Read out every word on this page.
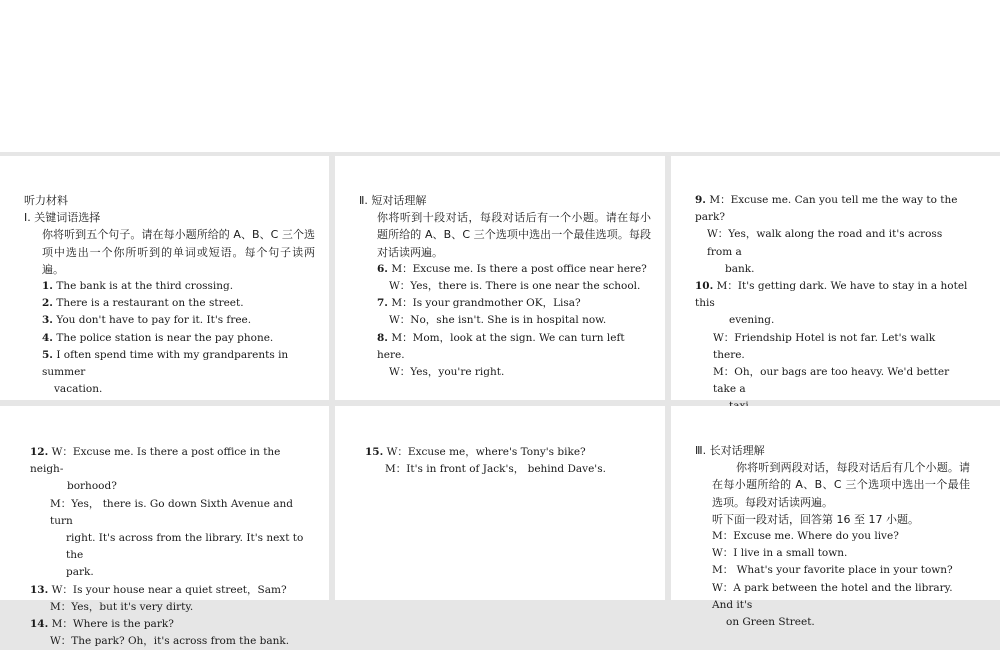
听力材料
Ⅰ. 关键词语选择
你将听到五个句子。请在每小题所给的 A、B、C 三个选项中选出一个你所听到的单词或短语。每个句子读两遍。
1. The bank is at the third crossing.
2. There is a restaurant on the street.
3. You don't have to pay for it. It's free.
4. The police station is near the pay phone.
5. I often spend time with my grandparents in summer
vacation.
Ⅱ. 短对话理解
你将听到十段对话，每段对话后有一个小题。请在每小题所给的 A、B、C 三个选项中选出一个最佳选项。每段对话读两遍。
6. M：Excuse me. Is there a post office near here?
W：Yes，there is. There is one near the school.
7. M：Is your grandmother OK，Lisa?
W：No，she isn't. She is in hospital now.
8. M：Mom，look at the sign. We can turn left here.
W：Yes，you're right.
9. M：Excuse me. Can you tell me the way to the park?
W：Yes，walk along the road and it's across from a
bank.
10. M：It's getting dark. We have to stay in a hotel this
evening.
W：Friendship Hotel is not far. Let's walk there.
M：Oh，our bags are too heavy. We'd better take a
12. W：Excuse me. Is there a post office in the neigh-
borhood?
M：Yes， there is. Go down Sixth Avenue and turn
right. It's across from the library. It's next to the
park.
13. W：Is your house near a quiet street，Sam?
M：Yes，but it's very dirty.
14. M：Where is the park?
W：The park? Oh，it's across from the bank.
15. W：Excuse me，where's Tony's bike?
M：It's in front of Jack's， behind Dave's.
Ⅲ. 长对话理解
你将听到两段对话，每段对话后有几个小题。请在每小题所给的 A、B、C 三个选项中选出一个最佳选项。每段对话读两遍。
听下面一段对话，回答第 16 至 17 小题。
M：Excuse me. Where do you live?
W：I live in a small town.
M： What's your favorite place in your town?
W：A park between the hotel and the library. And it's
on Green Street.
